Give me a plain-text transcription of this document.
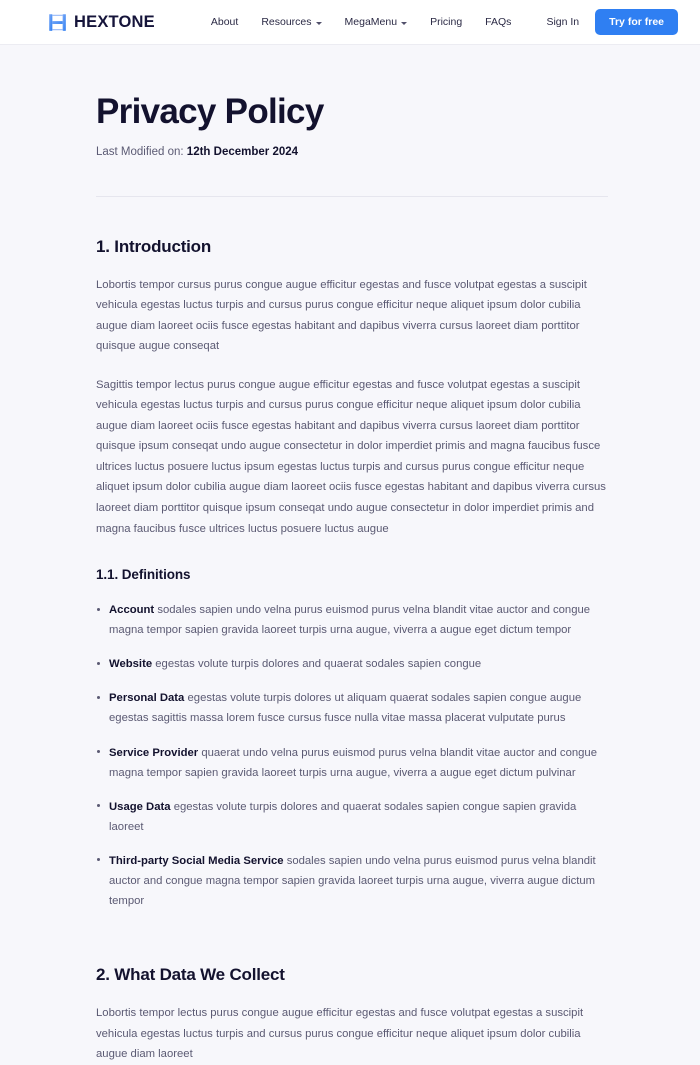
HEXTONE	About Resources	MegaMenu	Pricing FAQs	Sign In	Try for free
Privacy Policy
Last Modified on: 12th December 2024
1. Introduction

Lobortis tempor cursus purus congue augue efficitur egestas and fusce volutpat egestas a suscipit vehicula egestas luctus turpis and cursus purus congue efficitur neque aliquet ipsum dolor cubilia augue diam laoreet ociis fusce egestas habitant and dapibus viverra cursus laoreet diam porttitor quisque augue conseqat

Sagittis tempor lectus purus congue augue efficitur egestas and fusce volutpat egestas a suscipit vehicula egestas luctus turpis and cursus purus congue efficitur neque aliquet ipsum dolor cubilia augue diam laoreet ociis fusce egestas habitant and dapibus viverra cursus laoreet diam porttitor quisque ipsum conseqat undo augue consectetur in dolor imperdiet primis and magna faucibus fusce ultrices luctus posuere luctus ipsum egestas luctus turpis and cursus purus congue efficitur neque aliquet ipsum dolor cubilia augue diam laoreet ociis fusce egestas habitant and dapibus viverra cursus laoreet diam porttitor quisque ipsum conseqat undo augue consectetur in dolor imperdiet primis and magna faucibus fusce ultrices luctus posuere luctus augue

1.1. Definitions
Account sodales sapien undo velna purus euismod purus velna blandit vitae auctor and congue magna tempor sapien gravida laoreet turpis urna augue, viverra a augue eget dictum tempor
Website egestas volute turpis dolores and quaerat sodales sapien congue
Personal Data egestas volute turpis dolores ut aliquam quaerat sodales sapien congue augue egestas sagittis massa lorem fusce cursus fusce nulla vitae massa placerat vulputate purus
Service Provider quaerat undo velna purus euismod purus velna blandit vitae auctor and congue magna tempor sapien gravida laoreet turpis urna augue, viverra a augue eget dictum pulvinar
Usage Data egestas volute turpis dolores and quaerat sodales sapien congue sapien gravida laoreet
Third-party Social Media Service sodales sapien undo velna purus euismod purus velna blandit auctor and congue magna tempor sapien gravida laoreet turpis urna augue, viverra augue dictum tempor
2. What Data We Collect

Lobortis tempor lectus purus congue augue efficitur egestas and fusce volutpat egestas a suscipit vehicula egestas luctus turpis and cursus purus congue efficitur neque aliquet ipsum dolor cubilia augue diam laoreet
